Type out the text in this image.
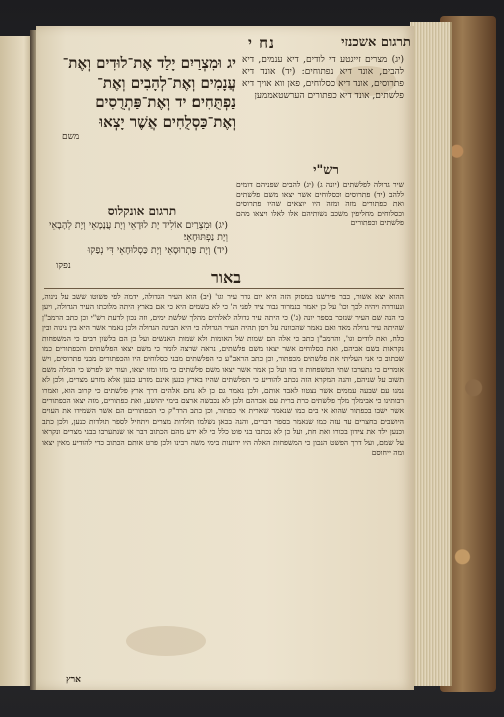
נח י	תרגום אשכנזי
יג וּמִצְרַיִם יָלַד אֶת־לוּדִים וְאֶת־
עֲנָמִים וְאֶת־לְהָבִים וְאֶת־
נַפְתֻּחִים׃ יד וְאֶת־פַּתְרֻסִים
וְאֶת־כַּסְלֻחִים אֲשֶׁר יָצְאוּ
משם
(יג) מצרים זייגטע די לודים, דיא ענמים, דיא להבים, אונד דיא נפתוחים: (יד) אונד דיא פתרוסים, אונד דיא כסלוחים, פאן ווא אויך דיא פלשתים, אונד דיא כפתורים הערשטאממען
רש"י
שיר גדולה לפלשתים (יונה ג) (יג) להבים שפניהם דומים ללהב (יד) פתרוסים וכסלוחים אשר יצאו משם פלשתים ואת כפתורים מזה ומזה היו יוצאים שהיו פתרוסים וכסלוחים מחליפין משכב נשותיהם אלו לאלו ויצאו מהם פלשתים וכפתורים
תרגום אונקלוס
(יג) וּמִצְרַיִם אוֹלִיד יָת לוּדָאֵי וְיָת עֲנָמָאֵי וְיָת לְהָבָאֵי וְיָת נַפְתּוּחָאֵי׃
(יד) וְיָת פַּתְרוּסָאֵי וְיָת כַּסְלוּחָאֵי דִּי נְפַקוּ
נפקו
באור
ההוא יצא אשור, כבר פירשנו במסוק הזה היא יום גדר עיר וגו' (יב) הוא העיר הגדולה, ידמה לפי פשוטו ששב על נינוה, ונעוררה ויהיה לכך וכו' על כן יאמר כנמרוד גבור ציד לפני ה' כי לא בשמים היא כי אם בארץ היתה מלוכתו העיר הגדולה, ויען כי הנה שם העיר שנזכר בספר יונה (ג') כי היתה עיר גדולה לאלהים מהלך שלשת ימים, וזה נכון לדעת רש"י וכן כתב הרמב"ן שהיתה עיר גדולה מאד ואם נאמר שהכוונה על רסן תהיה העיר הגדולה כי היא הבינה הגדולה ולכן נאמר אשר היא בין נינוה ובין כלח, ואת לודים וגו', והרמב"ן כתב כי אלה הם שמות של האומות ולא שמות האנשים ועל כן הם בלשון רבים כי המשפחות נקראות בשם אביהם, ואת כסלוחים אשר יצאו משם פלשתים, נראה שרצה לומר כי משם יצאו הפלשתים והכפתורים כמו שכתוב כי אני העליתי את פלשתים מכפתור, וכן כתב הראב"ע כי הפלשתים מבני כסלוחים היו והכפתורים מבני פתרוסים, ויש אומרים כי נתערבו שתי המשפחות זו בזו ועל כן אמר אשר יצאו משם פלשתים כי מזו ומזו יצאו, ועוד יש לפרש כי המלה משם תשוב על שניהם, והנה המקרא הזה נכתב להודיע כי הפלשתים שהיו בארץ כנען אינם מזרע כנען אלא מזרע מצרים, ולכן לא נמנו עם שבעה עממים אשר נצטוו לאבד אותם, ולכן נאמר גם כן לא נחם אלהים דרך ארץ פלשתים כי קרוב הוא, ואמרו רבותינו כי אבימלך מלך פלשתים כרת ברית עם אברהם ולכן לא נכבשה ארצם בימי יהושע, ואת כפתורים, מזה יצאו הכפתורים אשר ישבו בכפתור שהוא אי בים כמו שנאמר שארית אי כפתור, וכן כתב הרד"ק כי הכפתורים הם אשר השמידו את העוים היושבים בחצרים עד עזה כמו שנאמר בספר דברים, והנה בכאן נשלמו תולדות מצרים ויתחיל לספר תולדות כנען, ולכן כתב וכנען ילד את צידון בכורו ואת חת, ועל כן לא נכתבו בני פוט כלל כי לא ידע מהם הכתוב דבר או שנתערבו בבני מצרים ונקראו על שמם, ועל דרך הפשט הנכון כי המשפחות האלה היו ידועות בימי משה רבינו ולכן פרט אותם הכתוב כדי להודיע מאין יצאו ומה ייחוסם
ארץ
